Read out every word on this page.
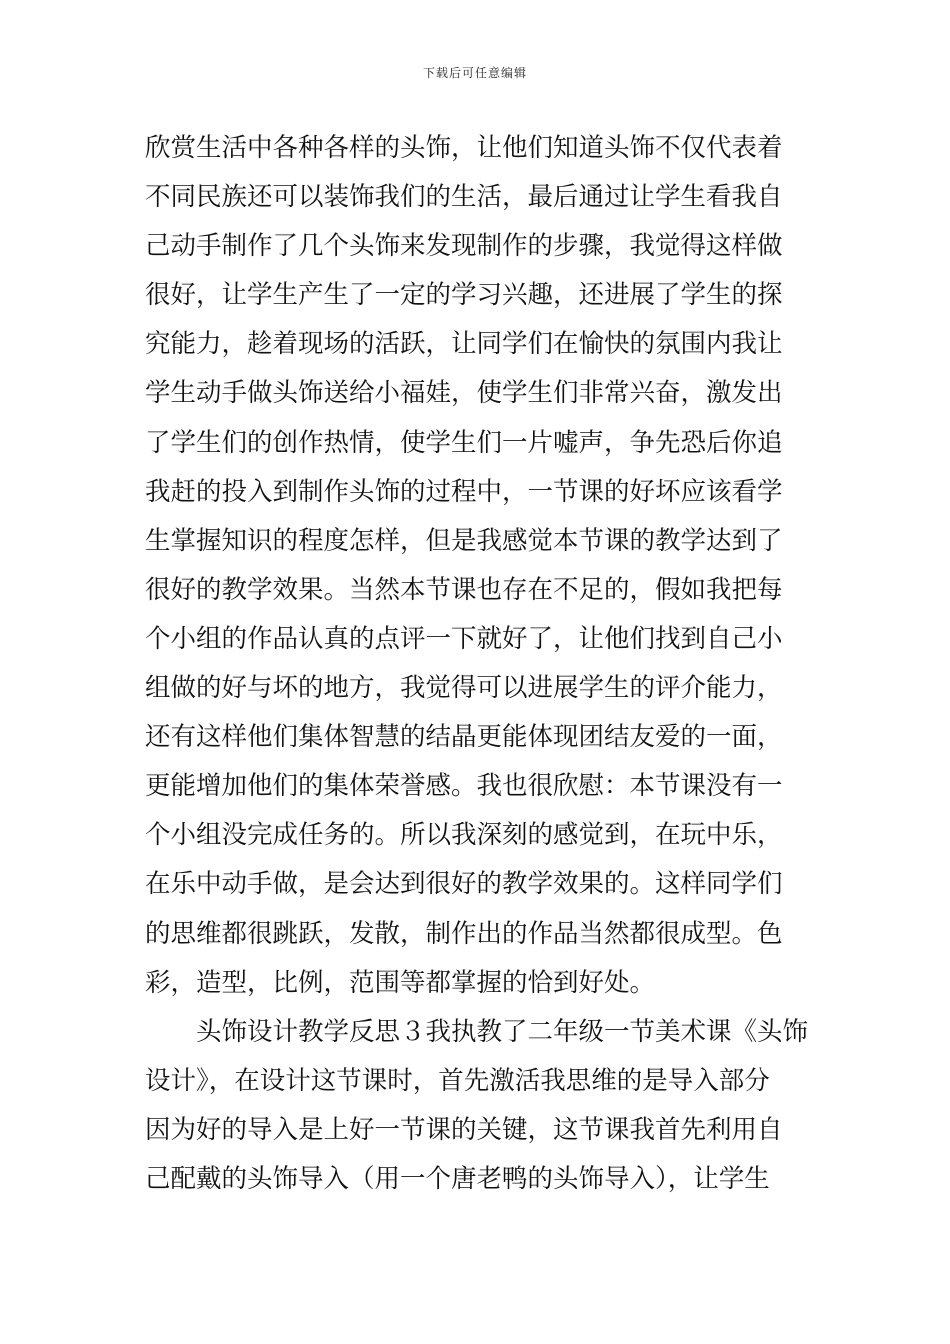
下载后可任意编辑
欣赏生活中各种各样的头饰，让他们知道头饰不仅代表着
不同民族还可以装饰我们的生活，最后通过让学生看我自
己动手制作了几个头饰来发现制作的步骤，我觉得这样做
很好，让学生产生了一定的学习兴趣，还进展了学生的探
究能力，趁着现场的活跃，让同学们在愉快的氛围内我让
学生动手做头饰送给小福娃，使学生们非常兴奋，激发出
了学生们的创作热情，使学生们一片嘘声，争先恐后你追
我赶的投入到制作头饰的过程中，一节课的好坏应该看学
生掌握知识的程度怎样，但是我感觉本节课的教学达到了
很好的教学效果。当然本节课也存在不足的，假如我把每
个小组的作品认真的点评一下就好了，让他们找到自己小
组做的好与坏的地方，我觉得可以进展学生的评介能力，
还有这样他们集体智慧的结晶更能体现团结友爱的一面，
更能增加他们的集体荣誉感。我也很欣慰：本节课没有一
个小组没完成任务的。所以我深刻的感觉到，在玩中乐，
在乐中动手做，是会达到很好的教学效果的。这样同学们
的思维都很跳跃，发散，制作出的作品当然都很成型。色
彩，造型，比例，范围等都掌握的恰到好处。
头饰设计教学反思３我执教了二年级一节美术课《头饰
设计》，在设计这节课时，首先激活我思维的是导入部分
因为好的导入是上好一节课的关键，这节课我首先利用自
己配戴的头饰导入（用一个唐老鸭的头饰导入），让学生
